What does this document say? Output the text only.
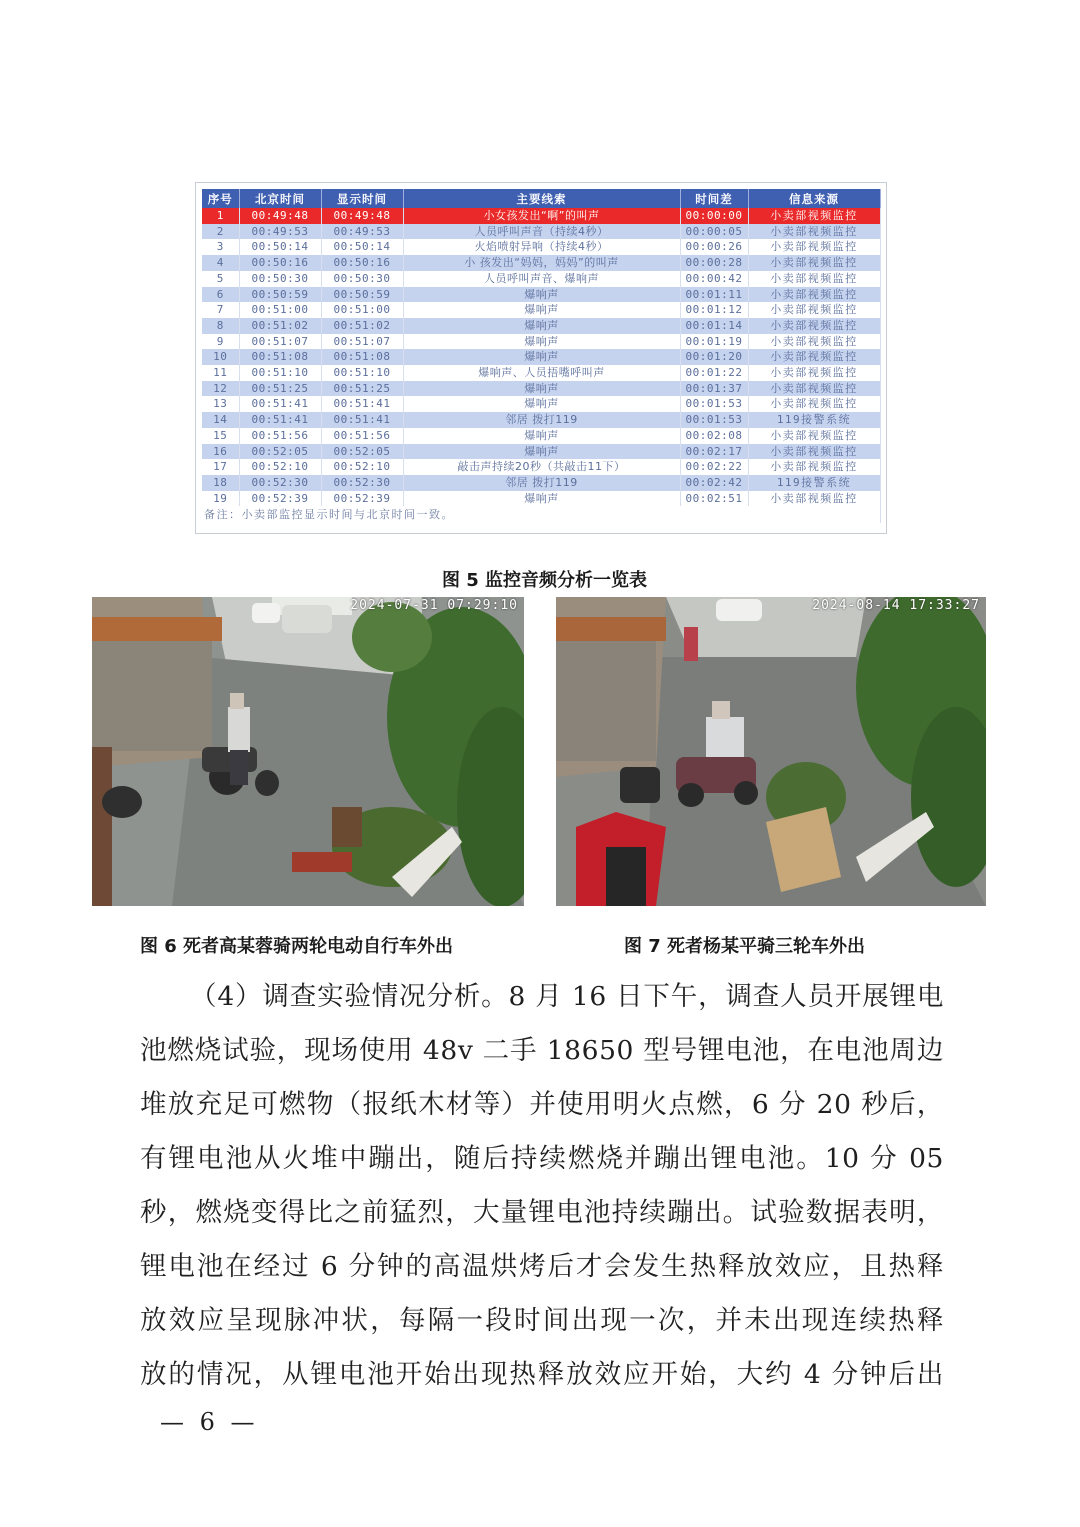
序号	北京时间	显示时间	主要线索	时间差	信息来源
1	00:49:48	00:49:48	小女孩发出“啊”的叫声	00:00:00	小卖部视频监控
2	00:49:53	00:49:53	人员呼叫声音（持续4秒）	00:00:05	小卖部视频监控
3	00:50:14	00:50:14	火焰喷射异响（持续4秒）	00:00:26	小卖部视频监控
4	00:50:16	00:50:16	小 孩发出“妈妈，妈妈”的叫声	00:00:28	小卖部视频监控
5	00:50:30	00:50:30	人员呼叫声音、爆响声	00:00:42	小卖部视频监控
6	00:50:59	00:50:59	爆响声	00:01:11	小卖部视频监控
7	00:51:00	00:51:00	爆响声	00:01:12	小卖部视频监控
8	00:51:02	00:51:02	爆响声	00:01:14	小卖部视频监控
9	00:51:07	00:51:07	爆响声	00:01:19	小卖部视频监控
10	00:51:08	00:51:08	爆响声	00:01:20	小卖部视频监控
11	00:51:10	00:51:10	爆响声、人员捂嘴呼叫声	00:01:22	小卖部视频监控
12	00:51:25	00:51:25	爆响声	00:01:37	小卖部视频监控
13	00:51:41	00:51:41	爆响声	00:01:53	小卖部视频监控
14	00:51:41	00:51:41	邻居 拨打119	00:01:53	119接警系统
15	00:51:56	00:51:56	爆响声	00:02:08	小卖部视频监控
16	00:52:05	00:52:05	爆响声	00:02:17	小卖部视频监控
17	00:52:10	00:52:10	敲击声持续20秒（共敲击11下）	00:02:22	小卖部视频监控
18	00:52:30	00:52:30	邻居 拨打119	00:02:42	119接警系统
19	00:52:39	00:52:39	爆响声	00:02:51	小卖部视频监控
备注：小卖部监控显示时间与北京时间一致。					
图 5 监控音频分析一览表
2024-07-31 07:29:10
图 6 死者高某蓉骑两轮电动自行车外出
2024-08-14 17:33:27
图 7 死者杨某平骑三轮车外出
（4）调查实验情况分析。8 月 16 日下午，调查人员开展锂电
池燃烧试验，现场使用 48v 二手 18650 型号锂电池，在电池周边
堆放充足可燃物（报纸木材等）并使用明火点燃，6 分 20 秒后，
有锂电池从火堆中蹦出，随后持续燃烧并蹦出锂电池。10 分 05
秒，燃烧变得比之前猛烈，大量锂电池持续蹦出。试验数据表明，
锂电池在经过 6 分钟的高温烘烤后才会发生热释放效应，且热释
放效应呈现脉冲状，每隔一段时间出现一次，并未出现连续热释
放的情况，从锂电池开始出现热释放效应开始，大约 4 分钟后出
— 6 —
